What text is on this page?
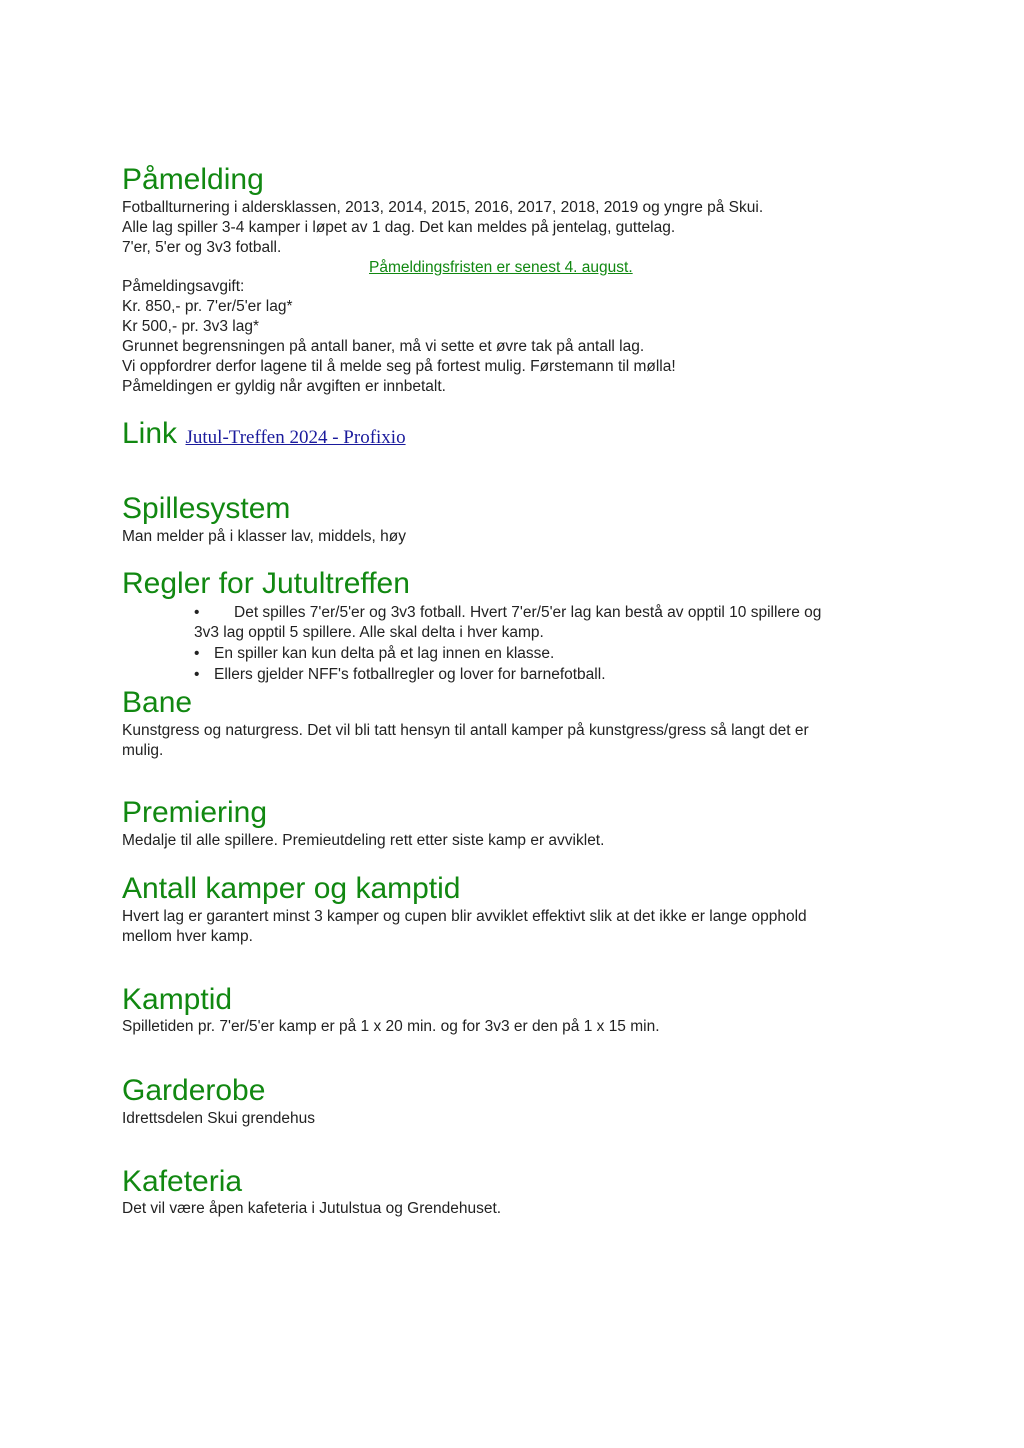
Påmelding
Fotballturnering i aldersklassen, 2013, 2014, 2015, 2016, 2017, 2018, 2019 og yngre på Skui.
Alle lag spiller 3-4 kamper i løpet av 1 dag. Det kan meldes på jentelag, guttelag.
7'er, 5'er og 3v3 fotball.
Påmeldingsfristen er senest 4. august.
Påmeldingsavgift:
Kr. 850,- pr. 7'er/5'er lag*
Kr 500,- pr. 3v3 lag*
Grunnet begrensningen på antall baner, må vi sette et øvre tak på antall lag.
Vi oppfordrer derfor lagene til å melde seg på fortest mulig. Førstemann til mølla!
Påmeldingen er gyldig når avgiften er innbetalt.
Link Jutul-Treffen 2024 - Profixio
Spillesystem
Man melder på i klasser lav, middels, høy
Regler for Jutultreffen
•	Det spilles 7'er/5'er og 3v3 fotball. Hvert 7'er/5'er lag kan bestå av opptil 10 spillere og
3v3 lag opptil 5 spillere. Alle skal delta i hver kamp.
• En spiller kan kun delta på et lag innen en klasse.
• Ellers gjelder NFF's fotballregler og lover for barnefotball.
Bane
Kunstgress og naturgress. Det vil bli tatt hensyn til antall kamper på kunstgress/gress så langt det er
mulig.
Premiering
Medalje til alle spillere. Premieutdeling rett etter siste kamp er avviklet.
Antall kamper og kamptid
Hvert lag er garantert minst 3 kamper og cupen blir avviklet effektivt slik at det ikke er lange opphold
mellom hver kamp.
Kamptid
Spilletiden pr. 7'er/5'er kamp er på 1 x 20 min. og for 3v3 er den på 1 x 15 min.
Garderobe
Idrettsdelen Skui grendehus
Kafeteria
Det vil være åpen kafeteria i Jutulstua og Grendehuset.
